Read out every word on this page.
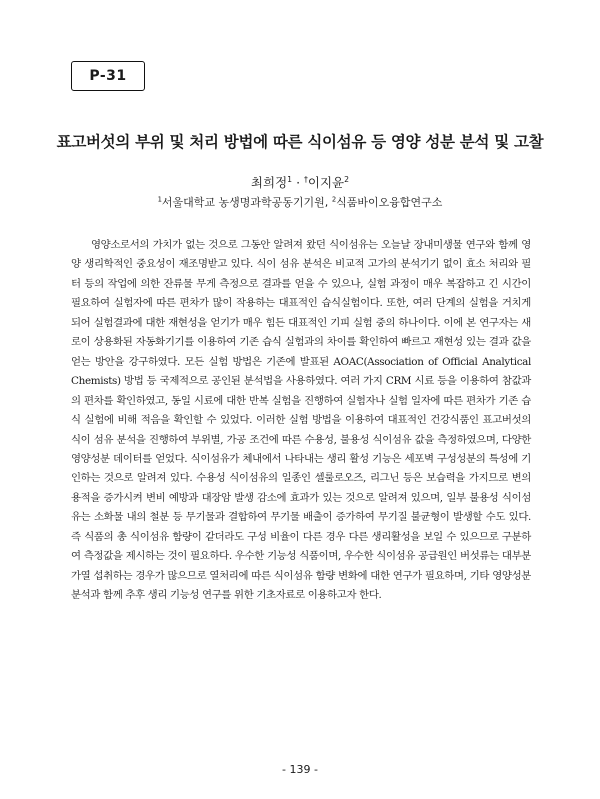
P-31
표고버섯의 부위 및 처리 방법에 따른 식이섬유 등 영양 성분 분석 및 고찰
최희정$^1$ · †이지윤$^2$
$^1$서울대학교 농생명과학공동기기원, $^2$식품바이오융합연구소

영양소로서의 가치가 없는 것으로 그동안 알려져 왔던 식이섬유는 오늘날 장내미생물 연구와 함께 영양 생리학적인 중요성이 재조명받고 있다. 식이 섬유 분석은 비교적 고가의 분석기기 없이 효소 처리와 필터 등의 작업에 의한 잔류물 무게 측정으로 결과를 얻을 수 있으나, 실험 과정이 매우 복잡하고 긴 시간이 필요하여 실험자에 따른 편차가 많이 작용하는 대표적인 습식실험이다. 또한, 여러 단계의 실험을 거치게 되어 실험결과에 대한 재현성을 얻기가 매우 힘든 대표적인 기피 실험 중의 하나이다. 이에 본 연구자는 새로이 상용화된 자동화기기를 이용하여 기존 습식 실험과의 차이를 확인하여 빠르고 재현성 있는 결과 값을 얻는 방안을 강구하였다. 모든 실험 방법은 기존에 발표된 AOAC(Association of Official Analytical Chemists) 방법 등 국제적으로 공인된 분석법을 사용하였다. 여러 가지 CRM 시료 등을 이용하여 참값과의 편차를 확인하였고, 동일 시료에 대한 반복 실험을 진행하여 실험자나 실험 일자에 따른 편차가 기존 습식 실험에 비해 적음을 확인할 수 있었다. 이러한 실험 방법을 이용하여 대표적인 건강식품인 표고버섯의 식이 섬유 분석을 진행하여 부위별, 가공 조건에 따른 수용성, 불용성 식이섬유 값을 측정하였으며, 다양한 영양성분 데이터를 얻었다. 식이섬유가 체내에서 나타내는 생리 활성 기능은 세포벽 구성성분의 특성에 기인하는 것으로 알려져 있다. 수용성 식이섬유의 일종인 셀룰로오즈, 리그닌 등은 보습력을 가지므로 변의 용적을 증가시켜 변비 예방과 대장암 발생 감소에 효과가 있는 것으로 알려져 있으며, 일부 불용성 식이섬유는 소화물 내의 철분 등 무기물과 결합하여 무기물 배출이 증가하여 무기질 불균형이 발생할 수도 있다. 즉 식품의 총 식이섬유 함량이 같더라도 구성 비율이 다른 경우 다른 생리활성을 보일 수 있으므로 구분하여 측정값을 제시하는 것이 필요하다. 우수한 기능성 식품이며, 우수한 식이섬유 공급원인 버섯류는 대부분 가열 섭취하는 경우가 많으므로 열처리에 따른 식이섬유 함량 변화에 대한 연구가 필요하며, 기타 영양성분 분석과 함께 추후 생리 기능성 연구를 위한 기초자료로 이용하고자 한다.

- 139 -
